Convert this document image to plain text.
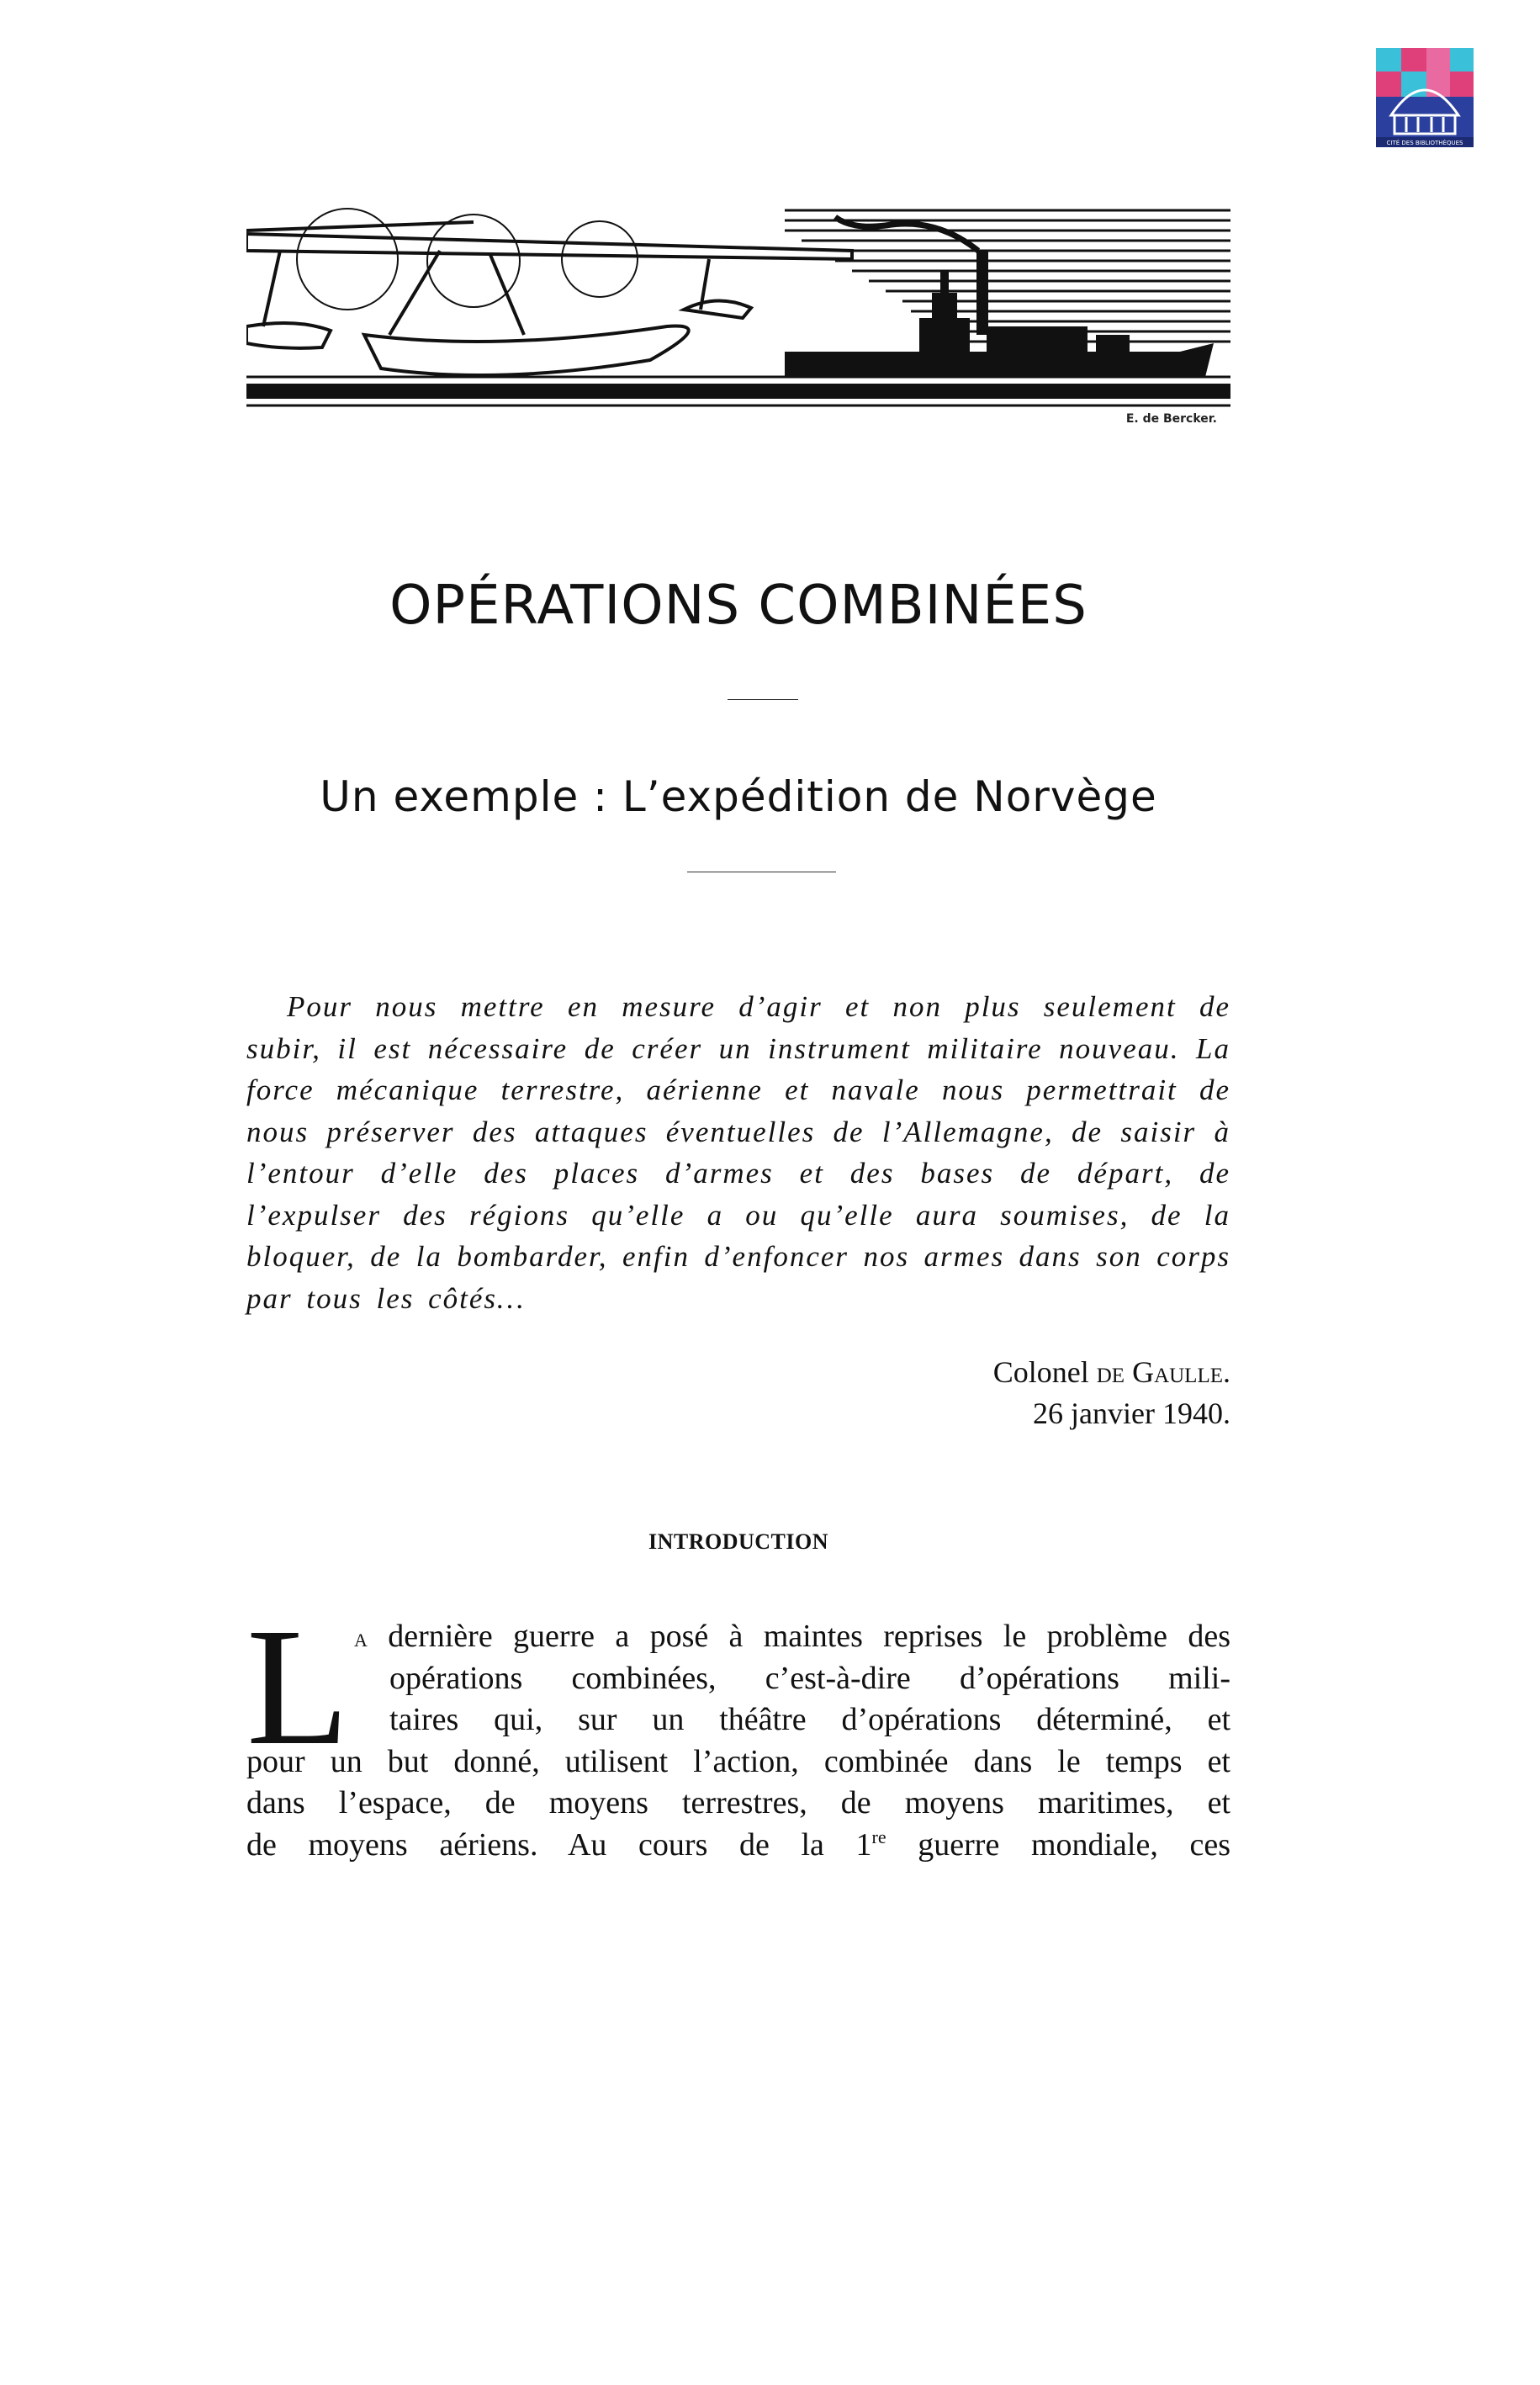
CITÉ DES BIBLIOTHÈQUES
E. de Bercker.
OPÉRATIONS COMBINÉES
Un exemple : L’expédition de Norvège

Pour nous mettre en mesure d’agir et non plus seulement de subir, il est nécessaire de créer un instrument militaire nouveau. La force mécanique terrestre, aérienne et navale nous permettrait de nous préserver des attaques éventuelles de l’Allemagne, de saisir à l’entour d’elle des places d’armes et des bases de départ, de l’expulser des régions qu’elle a ou qu’elle aura soumises, de la bloquer, de la bombarder, enfin d’enfoncer nos armes dans son corps par tous les côtés…

Colonel de Gaulle.
26 janvier 1940.
INTRODUCTION
L a dernière guerre a posé à maintes reprises le problème des
opérations combinées, c’est-à-dire d’opérations mili-
taires qui, sur un théâtre d’opérations déterminé, et
pour un but donné, utilisent l’action, combinée dans le temps et
dans l’espace, de moyens terrestres, de moyens maritimes, et
de moyens aériens. Au cours de la 1re guerre mondiale, ces
